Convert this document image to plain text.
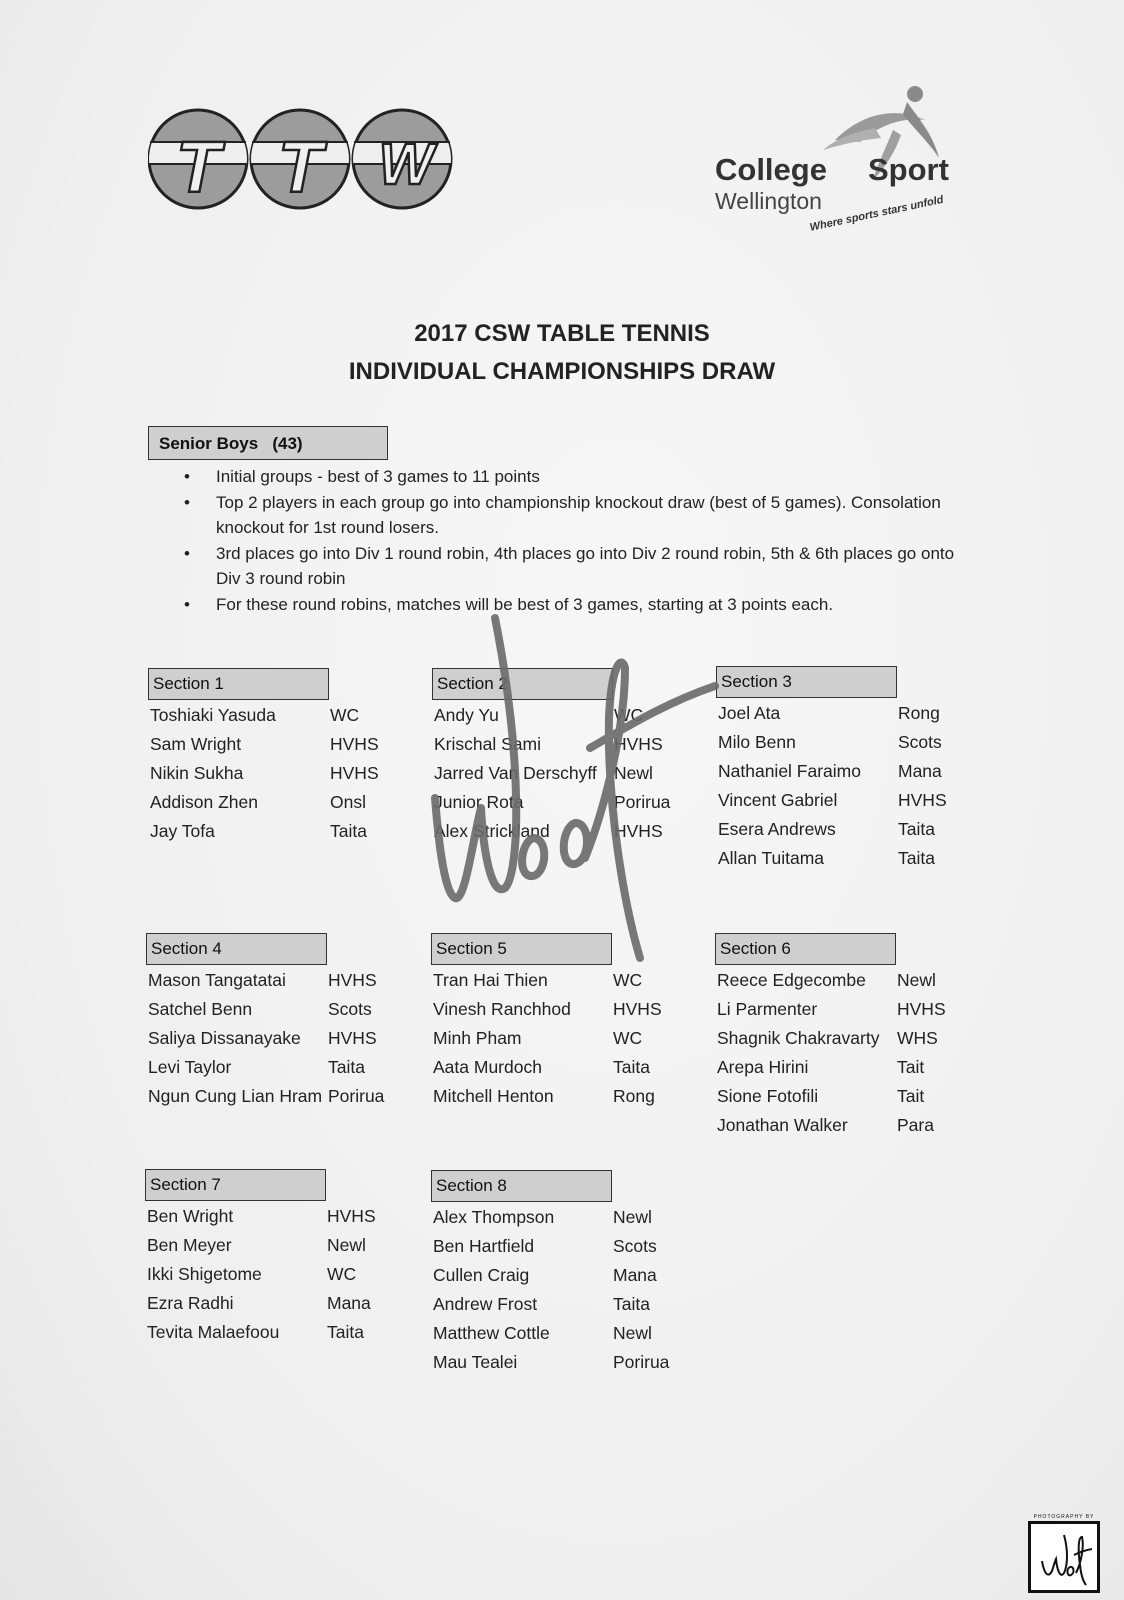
T T W	College Sport
Wellington
Where sports stars unfold
2017 CSW TABLE TENNIS
INDIVIDUAL CHAMPIONSHIPS DRAW
Senior Boys   (43)
• Initial groups - best of 3 games to 11 points
• Top 2 players in each group go into championship knockout draw (best of 5 games). Consolation knockout for 1st round losers.
• 3rd places go into Div 1 round robin, 4th places go into Div 2 round robin, 5th & 6th places go onto Div 3 round robin
• For these round robins, matches will be best of 3 games, starting at 3 points each.
Section 1
Toshiaki Yasuda	WC
Sam Wright	HVHS
Nikin Sukha	HVHS
Addison Zhen	Onsl
Jay Tofa	Taita
Section 2
Andy Yu	WC
Krischal Sami	HVHS
Jarred Van Derschyff Newl
Junior Rota	Porirua
Alex Strickland	HVHS
Section 3
Joel Ata	Rong
Milo Benn	Scots
Nathaniel Faraimo Mana
Vincent Gabriel	HVHS
Esera Andrews	Taita
Allan Tuitama	Taita
Section 4
Mason Tangatatai HVHS
Satchel Benn	Scots
Saliya Dissanayake HVHS
Levi Taylor	Taita
Ngun Cung Lian Hram Porirua
Section 5
Tran Hai Thien	WC
Vinesh Ranchhod HVHS
Minh Pham	WC
Aata Murdoch	Taita
Mitchell Henton	Rong
Section 6
Reece Edgecombe Newl
Li Parmenter	HVHS
Shagnik Chakravarty WHS
Arepa Hirini	Tait
Sione Fotofili	Tait
Jonathan Walker	Para
Section 7
Ben Wright	HVHS
Ben Meyer	Newl
Ikki Shigetome	WC
Ezra Radhi	Mana
Tevita Malaefoou	Taita
Section 8
Alex Thompson	Newl
Ben Hartfield	Scots
Cullen Craig	Mana
Andrew Frost	Taita
Matthew Cottle	Newl
Mau Tealei	Porirua
PHOTOGRAPHY BY
